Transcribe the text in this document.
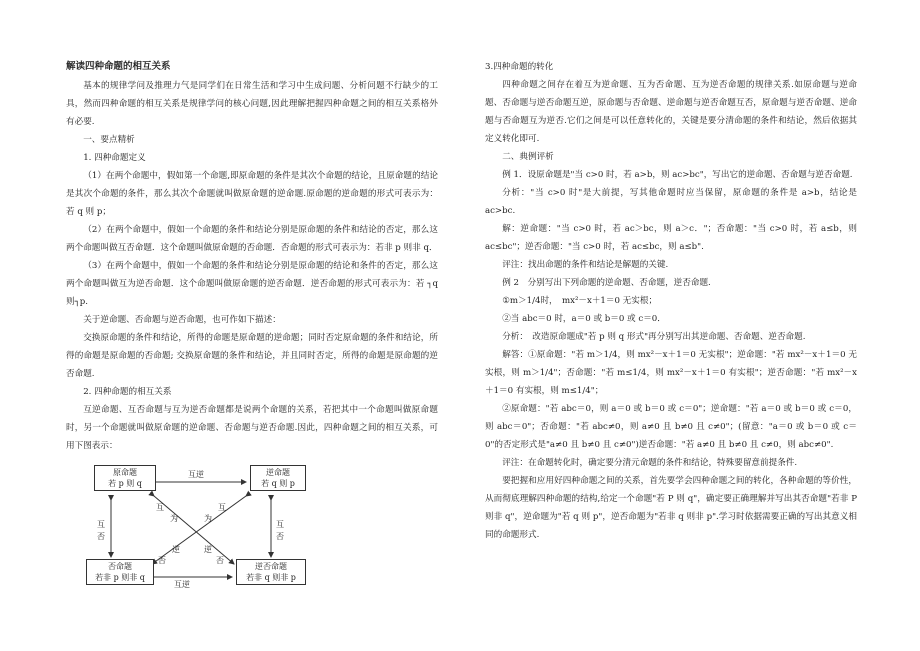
解读四种命题的相互关系

基本的规律学问及推理力气是同学们在日常生活和学习中生成问题、分析问题不行缺少的工具，然而四种命题的相互关系是规律学问的核心问题,因此理解把握四种命题之间的相互关系格外有必要.

一、要点精析

1. 四种命题定义

（1）在两个命题中，假如第一个命题,即原命题的条件是其次个命题的结论，且原命题的结论是其次个命题的条件，那么其次个命题就叫做原命题的逆命题.原命题的逆命题的形式可表示为：若 q 则 p；

（2）在两个命题中，假如一个命题的条件和结论分别是原命题的条件和结论的否定，那么这两个命题叫做互否命题．这个命题叫做原命题的否命题．否命题的形式可表示为：若非 p 则非 q．

（3）在两个命题中，假如一个命题的条件和结论分别是原命题的结论和条件的否定，那么这两个命题叫做互为逆否命题．这个命题叫做原命题的逆否命题．逆否命题的形式可表示为：若 ┐q 则┐p.

关于逆命题、否命题与逆否命题，也可作如下描述：

交换原命题的条件和结论，所得的命题是原命题的逆命题；同时否定原命题的条件和结论，所得的命题是原命题的否命题; 交换原命题的条件和结论，并且同时否定，所得的命题是原命题的逆否命题.

2. 四种命题的相互关系

互逆命题、互否命题与互为逆否命题都是说两个命题的关系，若把其中一个命题叫做原命题时，另一个命题就叫做原命题的逆命题、否命题与逆否命题.因此，四种命题之间的相互关系，可用下图表示：

原命题
若 p 则 q
逆命题
若 q 则 p
否命题
若非 p 则非 q
逆否命题
若非 q 则非 p
互逆
互逆
互
否
互
否
互
为
逆
否
互
为
逆
否

3.四种命题的转化

四种命题之间存在着互为逆命题、互为否命题、互为逆否命题的规律关系.如原命题与逆命题、否命题与逆否命题互逆，原命题与否命题、逆命题与逆否命题互否，原命题与逆否命题、逆命题与否命题互为逆否.它们之间是可以任意转化的，关键是要分清命题的条件和结论，然后依据其定义转化即可.

二、典例评析

例 1．设原命题是"当 c>0 时，若 a>b，则 ac>bc"，写出它的逆命题、否命题与逆否命题.

分析："当 c>0 时"是大前提，写其他命题时应当保留，原命题的条件是 a>b，结论是 ac>bc.

解：逆命题："当 c>0 时，若 ac＞bc，则 a＞c．"；否命题："当 c>0 时，若 a≤b，则 ac≤bc"；逆否命题："当 c>0 时，若 ac≤bc，则 a≤b".

评注：找出命题的条件和结论是解题的关键.

例 2　分别写出下列命题的逆命题、否命题，逆否命题.

①m＞1/4时，　mx²－x＋1＝0 无实根；

②当 abc＝0 时，a＝0 或 b＝0 或 c＝0．

分析：　改造原命题成"若 p 则 q 形式"再分别写出其逆命题、否命题、逆否命题.

解答：①原命题："若 m＞1/4，则 mx²－x＋1＝0 无实根"；逆命题："若 mx²－x＋1＝0 无实根，则 m＞1/4"；否命题："若 m≤1/4，则 mx²－x＋1＝0 有实根"；逆否命题："若 mx²－x＋1＝0 有实根，则 m≤1/4"；

②原命题："若 abc＝0，则 a＝0 或 b＝0 或 c＝0"；逆命题："若 a＝0 或 b＝0 或 c＝0，则 abc＝0"；否命题："若 abc≠0，则 a≠0 且 b≠0 且 c≠0"；(留意："a＝0 或 b＝0 或 c＝0"的否定形式是"a≠0 且 b≠0 且 c≠0")逆否命题："若 a≠0 且 b≠0 且 c≠0，则 abc≠0".

评注：在命题转化时，确定要分清元命题的条件和结论，特殊要留意前提条件.

要把握和应用好四种命题之间的关系，首先要学会四种命题之间的转化，各种命题的等价性，从而彻底理解四种命题的结构,给定一个命题"若 P 则 q"，确定要正确理解并写出其否命题"若非 P 则非 q"，逆命题为"若 q 则 p"，逆否命题为"若非 q 则非 p".学习时依据需要正确的写出其意义相同的命题形式.
